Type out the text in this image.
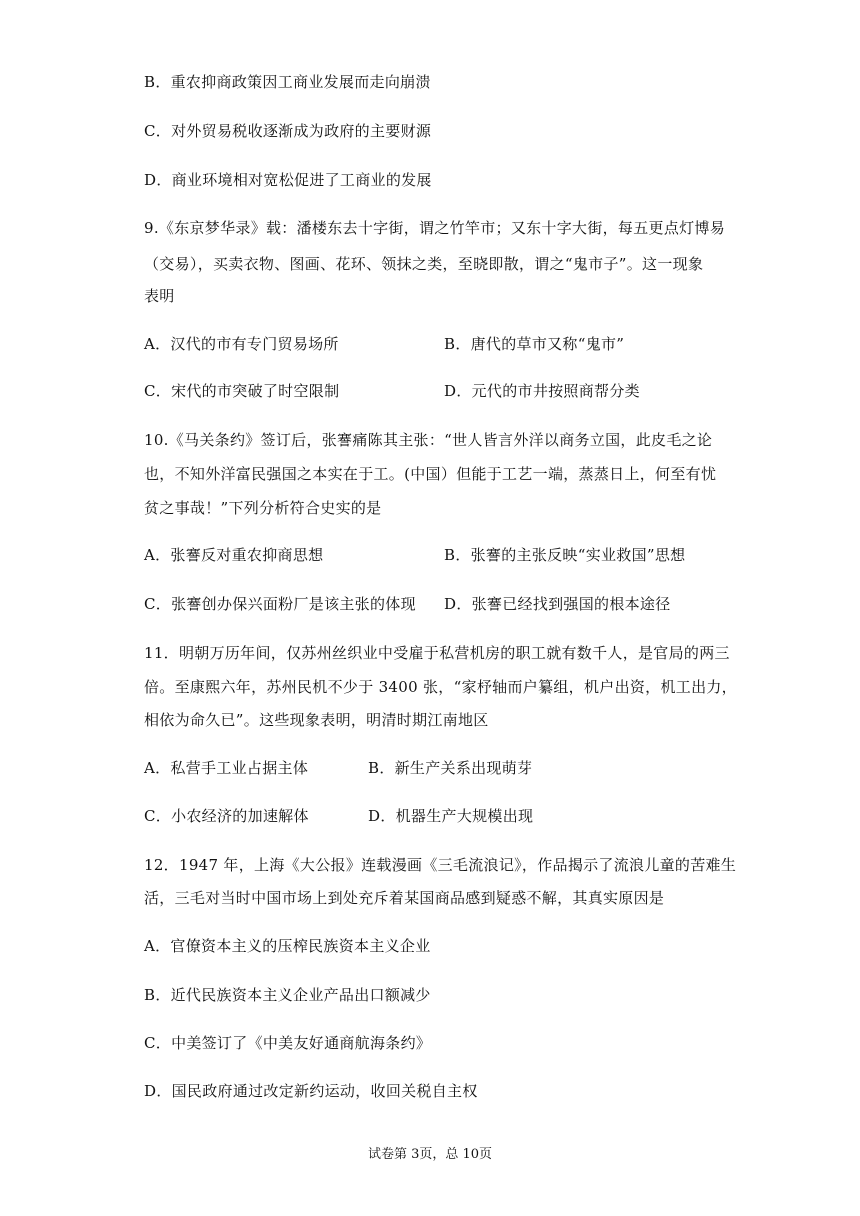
B．重农抑商政策因工商业发展而走向崩溃
C．对外贸易税收逐渐成为政府的主要财源
D．商业环境相对宽松促进了工商业的发展
9.《东京梦华录》载：潘楼东去十字街，谓之竹竿市；又东十字大街，每五更点灯博易
（交易），买卖衣物、图画、花环、领抹之类，至晓即散，谓之“鬼市子”。这一现象
表明
A．汉代的市有专门贸易场所	B．唐代的草市又称“鬼市”
C．宋代的市突破了时空限制	D．元代的市井按照商帮分类
10.《马关条约》签订后，张謇痛陈其主张：“世人皆言外洋以商务立国，此皮毛之论
也，不知外洋富民强国之本实在于工。(中国）但能于工艺一端，蒸蒸日上，何至有忧
贫之事哉！”下列分析符合史实的是
A．张謇反对重农抑商思想	B．张謇的主张反映“实业救国”思想
C．张謇创办保兴面粉厂是该主张的体现 D．张謇已经找到强国的根本途径
11．明朝万历年间，仅苏州丝织业中受雇于私营机房的职工就有数千人，是官局的两三
倍。至康熙六年，苏州民机不少于 3400 张，“家杼轴而户纂组，机户出资，机工出力，
相依为命久已”。这些现象表明，明清时期江南地区
A．私营手工业占据主体	B．新生产关系出现萌芽
C．小农经济的加速解体	D．机器生产大规模出现
12．1947 年，上海《大公报》连载漫画《三毛流浪记》，作品揭示了流浪儿童的苦难生
活，三毛对当时中国市场上到处充斥着某国商品感到疑惑不解，其真实原因是
A．官僚资本主义的压榨民族资本主义企业
B．近代民族资本主义企业产品出口额减少
C．中美签订了《中美友好通商航海条约》
D．国民政府通过改定新约运动，收回关税自主权
试卷第 3页，总 10页
